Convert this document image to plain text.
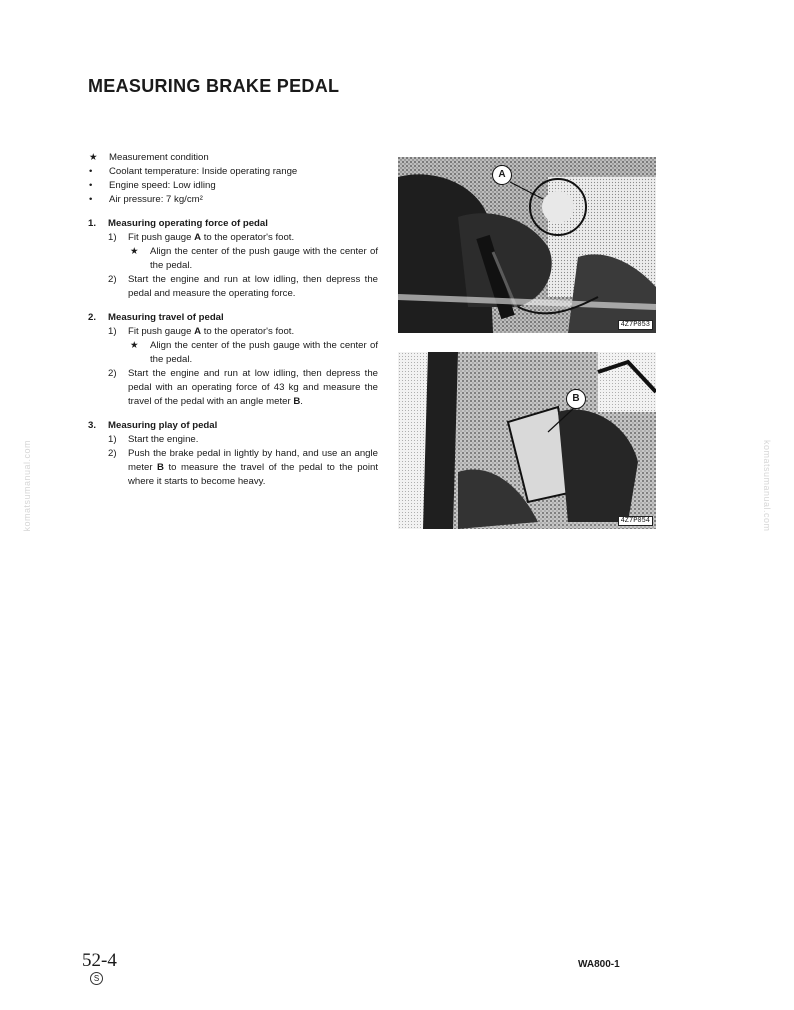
MEASURING BRAKE PEDAL
★	Measurement condition
•	Coolant temperature: Inside operating range
•	Engine speed: Low idling
•	Air pressure: 7 kg/cm²
1.	Measuring operating force of pedal
1)	Fit push gauge A to the operator's foot.
★	Align the center of the push gauge with the center of the pedal.
2)	Start the engine and run at low idling, then depress the pedal and measure the operating force.
2.	Measuring travel of pedal
1)	Fit push gauge A to the operator's foot.
★	Align the center of the push gauge with the center of the pedal.
2)	Start the engine and run at low idling, then depress the pedal with an operating force of 43 kg and measure the travel of the pedal with an angle meter B.
3.	Measuring play of pedal
1)	Start the engine.
2)	Push the brake pedal in lightly by hand, and use an angle meter B to measure the travel of the pedal to the point where it starts to become heavy.
A
4Z7P053
B
4Z7P054
52-4
S
WA800-1
komatsumanual.com	komatsumanual.com
